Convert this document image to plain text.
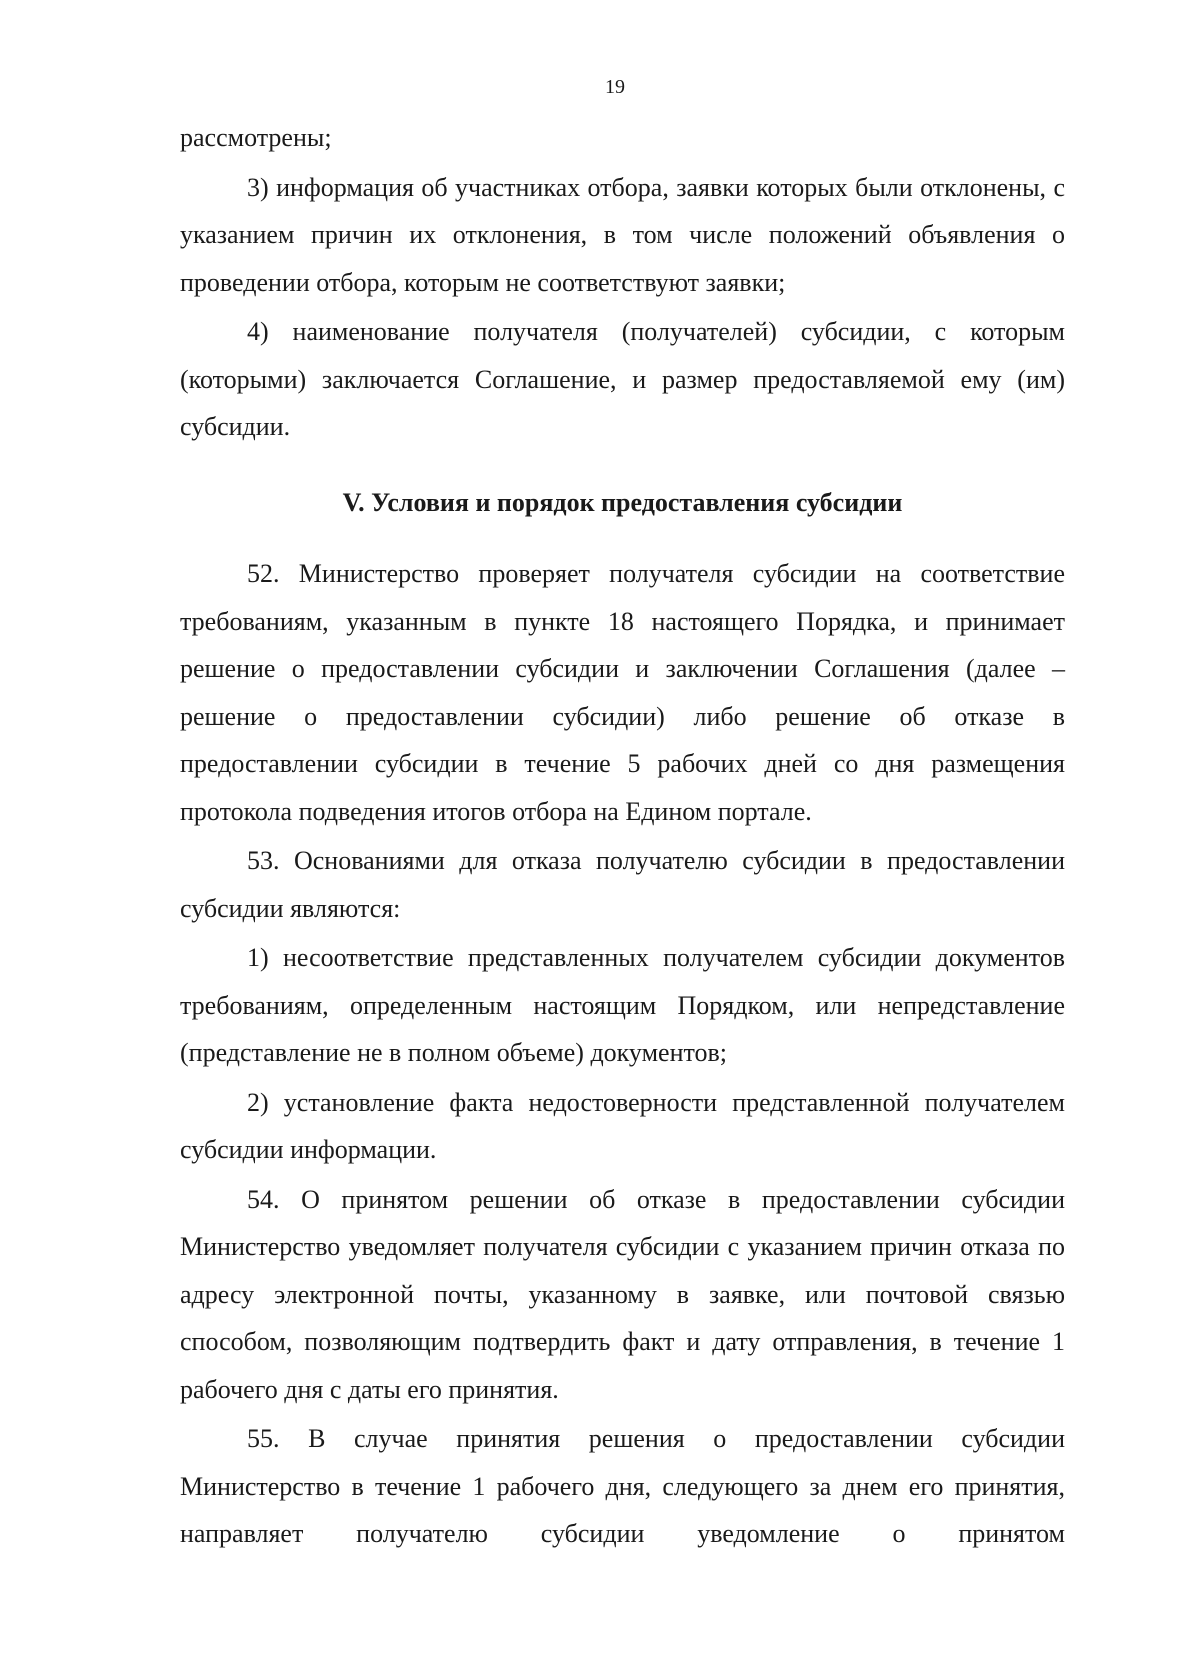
19

рассмотрены;

3) информация об участниках отбора, заявки которых были отклонены, с указанием причин их отклонения, в том числе положений объявления о проведении отбора, которым не соответствуют заявки;

4) наименование получателя (получателей) субсидии, с которым (которыми) заключается Соглашение, и размер предоставляемой ему (им) субсидии.

V. Условия и порядок предоставления субсидии

52. Министерство проверяет получателя субсидии на соответствие требованиям, указанным в пункте 18 настоящего Порядка, и принимает решение о предоставлении субсидии и заключении Соглашения (далее – решение о предоставлении субсидии) либо решение об отказе в предоставлении субсидии в течение 5 рабочих дней со дня размещения протокола подведения итогов отбора на Едином портале.

53. Основаниями для отказа получателю субсидии в предоставлении субсидии являются:

1) несоответствие представленных получателем субсидии документов требованиям, определенным настоящим Порядком, или непредставление (представление не в полном объеме) документов;

2) установление факта недостоверности представленной получателем субсидии информации.

54. О принятом решении об отказе в предоставлении субсидии Министерство уведомляет получателя субсидии с указанием причин отказа по адресу электронной почты, указанному в заявке, или почтовой связью способом, позволяющим подтвердить факт и дату отправления, в течение 1 рабочего дня с даты его принятия.

55. В случае принятия решения о предоставлении субсидии Министерство в течение 1 рабочего дня, следующего за днем его принятия, направляет получателю субсидии уведомление о принятом
